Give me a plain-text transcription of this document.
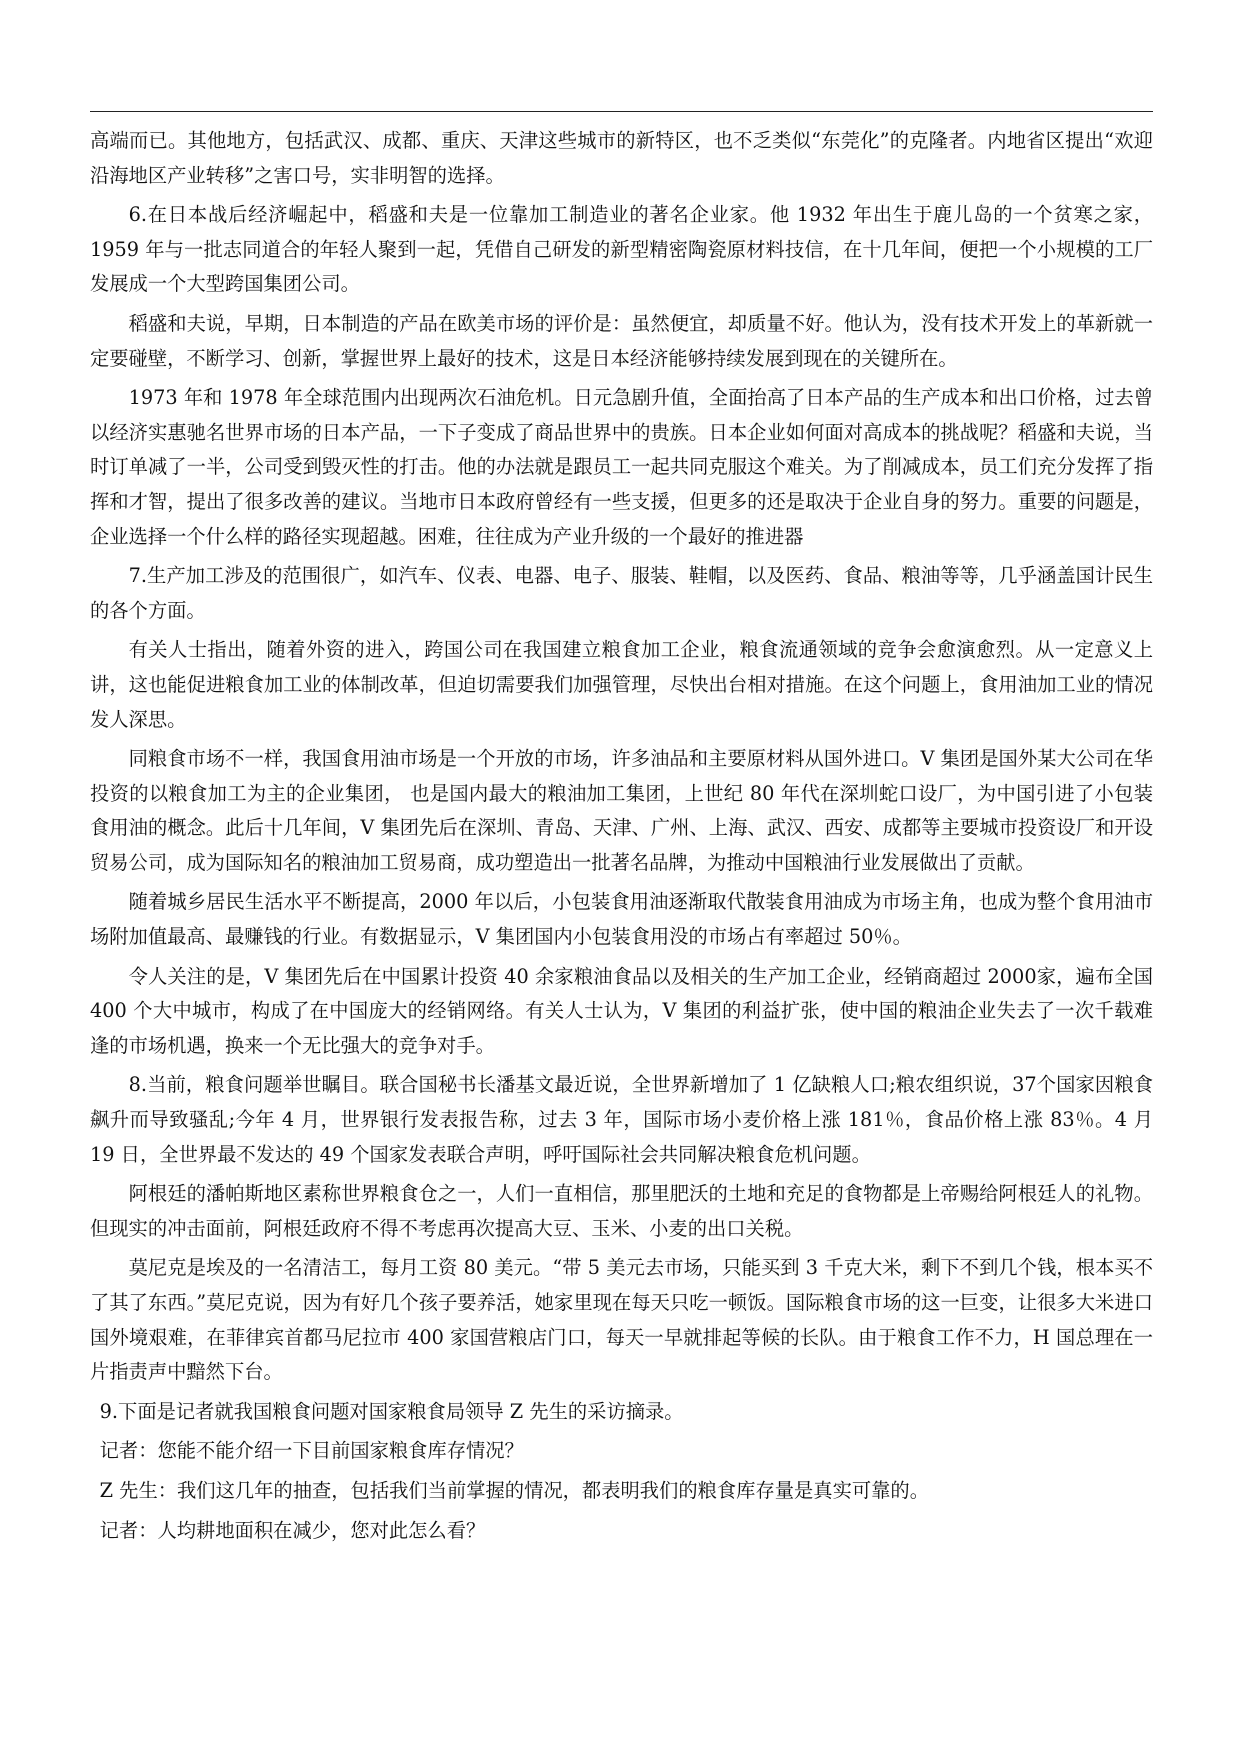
高端而已。其他地方，包括武汉、成都、重庆、天津这些城市的新特区，也不乏类似“东莞化”的克隆者。内地省区提出“欢迎沿海地区产业转移”之害口号，实非明智的选择。

6.在日本战后经济崛起中，稻盛和夫是一位靠加工制造业的著名企业家。他 1932 年出生于鹿儿岛的一个贫寒之家，1959 年与一批志同道合的年轻人聚到一起，凭借自己研发的新型精密陶瓷原材料技信，在十几年间，便把一个小规模的工厂发展成一个大型跨国集团公司。

稻盛和夫说，早期，日本制造的产品在欧美市场的评价是：虽然便宜，却质量不好。他认为，没有技术开发上的革新就一定要碰壁，不断学习、创新，掌握世界上最好的技术，这是日本经济能够持续发展到现在的关键所在。

1973 年和 1978 年全球范围内出现两次石油危机。日元急剧升值，全面抬高了日本产品的生产成本和出口价格，过去曾以经济实惠驰名世界市场的日本产品，一下子变成了商品世界中的贵族。日本企业如何面对高成本的挑战呢？稻盛和夫说，当时订单减了一半，公司受到毁灭性的打击。他的办法就是跟员工一起共同克服这个难关。为了削减成本，员工们充分发挥了指挥和才智，提出了很多改善的建议。当地市日本政府曾经有一些支援，但更多的还是取决于企业自身的努力。重要的问题是，企业选择一个什么样的路径实现超越。困难，往往成为产业升级的一个最好的推进器

7.生产加工涉及的范围很广，如汽车、仪表、电器、电子、服装、鞋帽，以及医药、食品、粮油等等，几乎涵盖国计民生的各个方面。

有关人士指出，随着外资的进入，跨国公司在我国建立粮食加工企业，粮食流通领域的竞争会愈演愈烈。从一定意义上讲，这也能促进粮食加工业的体制改革，但迫切需要我们加强管理，尽快出台相对措施。在这个问题上，食用油加工业的情况发人深思。

同粮食市场不一样，我国食用油市场是一个开放的市场，许多油品和主要原材料从国外进口。V 集团是国外某大公司在华投资的以粮食加工为主的企业集团， 也是国内最大的粮油加工集团，上世纪 80 年代在深圳蛇口设厂，为中国引进了小包装食用油的概念。此后十几年间，V 集团先后在深圳、青岛、天津、广州、上海、武汉、西安、成都等主要城市投资设厂和开设贸易公司，成为国际知名的粮油加工贸易商，成功塑造出一批著名品牌，为推动中国粮油行业发展做出了贡献。

随着城乡居民生活水平不断提高，2000 年以后，小包装食用油逐渐取代散装食用油成为市场主角，也成为整个食用油市场附加值最高、最赚钱的行业。有数据显示，V 集团国内小包装食用没的市场占有率超过 50％。

令人关注的是，V 集团先后在中国累计投资 40 余家粮油食品以及相关的生产加工企业，经销商超过 2000家，遍布全国 400 个大中城市，构成了在中国庞大的经销网络。有关人士认为，V 集团的利益扩张，使中国的粮油企业失去了一次千载难逢的市场机遇，换来一个无比强大的竞争对手。

8.当前，粮食问题举世瞩目。联合国秘书长潘基文最近说，全世界新增加了 1 亿缺粮人口;粮农组织说，37个国家因粮食飙升而导致骚乱;今年 4 月，世界银行发表报告称，过去 3 年，国际市场小麦价格上涨 181％，食品价格上涨 83％。4 月 19 日，全世界最不发达的 49 个国家发表联合声明，呼吁国际社会共同解决粮食危机问题。

阿根廷的潘帕斯地区素称世界粮食仓之一，人们一直相信，那里肥沃的土地和充足的食物都是上帝赐给阿根廷人的礼物。但现实的冲击面前，阿根廷政府不得不考虑再次提高大豆、玉米、小麦的出口关税。

莫尼克是埃及的一名清洁工，每月工资 80 美元。“带 5 美元去市场，只能买到 3 千克大米，剩下不到几个钱，根本买不了其了东西。”莫尼克说，因为有好几个孩子要养活，她家里现在每天只吃一顿饭。国际粮食市场的这一巨变，让很多大米进口国外境艰难，在菲律宾首都马尼拉市 400 家国营粮店门口，每天一早就排起等候的长队。由于粮食工作不力，H 国总理在一片指责声中黯然下台。

9.下面是记者就我国粮食问题对国家粮食局领导 Z 先生的采访摘录。

记者：您能不能介绍一下目前国家粮食库存情况？

Z 先生：我们这几年的抽查，包括我们当前掌握的情况，都表明我们的粮食库存量是真实可靠的。

记者：人均耕地面积在减少，您对此怎么看？
